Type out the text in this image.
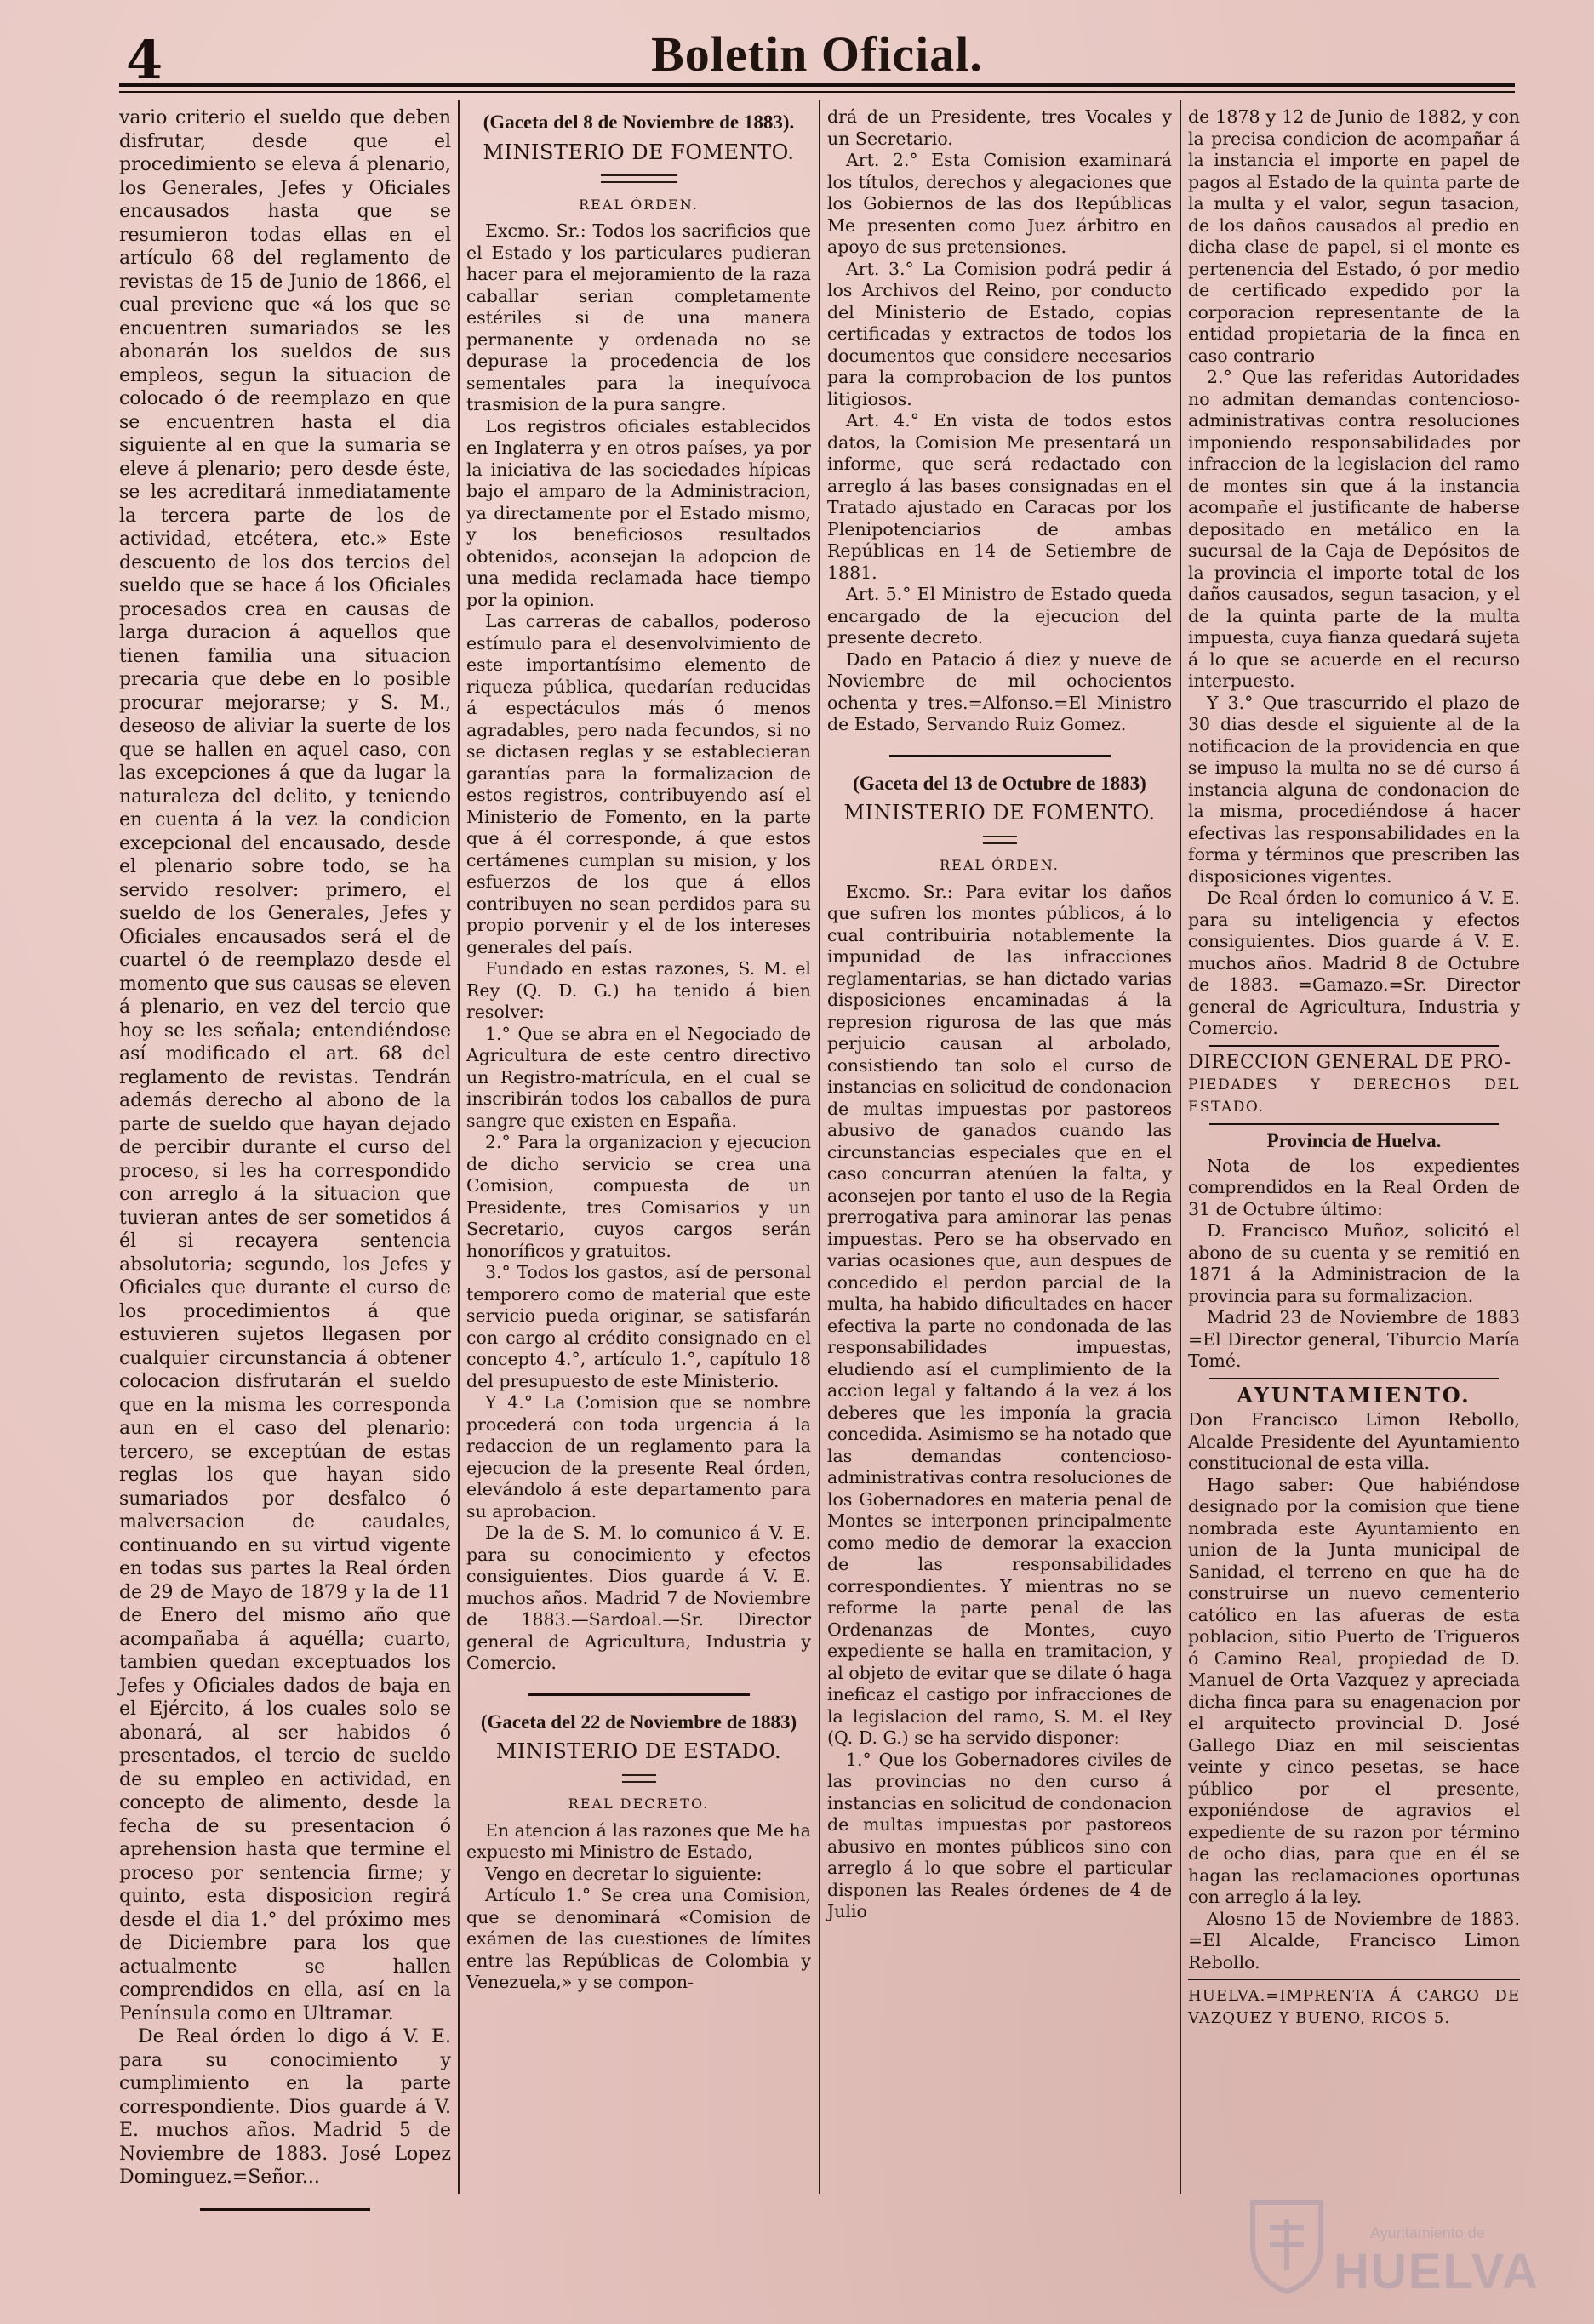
4	Boletin Oficial.

vario criterio el sueldo que deben disfrutar, desde que el procedimiento se eleva á plenario, los Generales, Jefes y Oficiales encausados hasta que se resumieron todas ellas en el artículo 68 del reglamento de revistas de 15 de Junio de 1866, el cual previene que «á los que se encuentren sumariados se les abonarán los sueldos de sus empleos, segun la situacion de colocado ó de reemplazo en que se encuentren hasta el dia siguiente al en que la sumaria se eleve á plenario; pero desde éste, se les acreditará inmediatamente la tercera parte de los de actividad, etcétera, etc.» Este descuento de los dos tercios del sueldo que se hace á los Oficiales procesados crea en causas de larga duracion á aquellos que tienen familia una situacion precaria que debe en lo posible procurar mejorarse; y S. M., deseoso de aliviar la suerte de los que se hallen en aquel caso, con las excepciones á que da lugar la naturaleza del delito, y teniendo en cuenta á la vez la condicion excepcional del encausado, desde el plenario sobre todo, se ha servido resolver: primero, el sueldo de los Generales, Jefes y Oficiales encausados será el de cuartel ó de reemplazo desde el momento que sus causas se eleven á plenario, en vez del tercio que hoy se les señala; entendiéndose así modificado el art. 68 del reglamento de revistas. Tendrán además derecho al abono de la parte de sueldo que hayan dejado de percibir durante el curso del proceso, si les ha correspondido con arreglo á la situacion que tuvieran antes de ser sometidos á él si recayera sentencia absolutoria; segundo, los Jefes y Oficiales que durante el curso de los procedimientos á que estuvieren sujetos llegasen por cualquier circunstancia á obtener colocacion disfrutarán el sueldo que en la misma les corresponda aun en el caso del plenario: tercero, se exceptúan de estas reglas los que hayan sido sumariados por desfalco ó malversacion de caudales, continuando en su virtud vigente en todas sus partes la Real órden de 29 de Mayo de 1879 y la de 11 de Enero del mismo año que acompañaba á aquélla; cuarto, tambien quedan exceptuados los Jefes y Oficiales dados de baja en el Ejército, á los cuales solo se abonará, al ser habidos ó presentados, el tercio de sueldo de su empleo en actividad, en concepto de alimento, desde la fecha de su presentacion ó aprehension hasta que termine el proceso por sentencia firme; y quinto, esta disposicion regirá desde el dia 1.° del próximo mes de Diciembre para los que actualmente se hallen comprendidos en ella, así en la Península como en Ultramar.

De Real órden lo digo á V. E. para su conocimiento y cumplimiento en la parte correspondiente. Dios guarde á V. E. muchos años. Madrid 5 de Noviembre de 1883. José Lopez Dominguez.=Señor...

(Gaceta del 8 de Noviembre de 1883).
MINISTERIO DE FOMENTO.
REAL ÓRDEN.

Excmo. Sr.: Todos los sacrificios que el Estado y los particulares pudieran hacer para el mejoramiento de la raza caballar serian completamente estériles si de una manera permanente y ordenada no se depurase la procedencia de los sementales para la inequívoca trasmision de la pura sangre.

Los registros oficiales establecidos en Inglaterra y en otros países, ya por la iniciativa de las sociedades hípicas bajo el amparo de la Administracion, ya directamente por el Estado mismo, y los beneficiosos resultados obtenidos, aconsejan la adopcion de una medida reclamada hace tiempo por la opinion.

Las carreras de caballos, poderoso estímulo para el desenvolvimiento de este importantísimo elemento de riqueza pública, quedarían reducidas á espectáculos más ó menos agradables, pero nada fecundos, si no se dictasen reglas y se establecieran garantías para la formalizacion de estos registros, contribuyendo así el Ministerio de Fomento, en la parte que á él corresponde, á que estos certámenes cumplan su mision, y los esfuerzos de los que á ellos contribuyen no sean perdidos para su propio porvenir y el de los intereses generales del país.

Fundado en estas razones, S. M. el Rey (Q. D. G.) ha tenido á bien resolver:

1.° Que se abra en el Negociado de Agricultura de este centro directivo un Registro-matrícula, en el cual se inscribirán todos los caballos de pura sangre que existen en España.

2.° Para la organizacion y ejecucion de dicho servicio se crea una Comision, compuesta de un Presidente, tres Comisarios y un Secretario, cuyos cargos serán honoríficos y gratuitos.

3.° Todos los gastos, así de personal temporero como de material que este servicio pueda originar, se satisfarán con cargo al crédito consignado en el concepto 4.°, artículo 1.°, capítulo 18 del presupuesto de este Ministerio.

Y 4.° La Comision que se nombre procederá con toda urgencia á la redaccion de un reglamento para la ejecucion de la presente Real órden, elevándolo á este departamento para su aprobacion.

De la de S. M. lo comunico á V. E. para su conocimiento y efectos consiguientes. Dios guarde á V. E. muchos años. Madrid 7 de Noviembre de 1883.—Sardoal.—Sr. Director general de Agricultura, Industria y Comercio.

(Gaceta del 22 de Noviembre de 1883)
MINISTERIO DE ESTADO.
REAL DECRETO.

En atencion á las razones que Me ha expuesto mi Ministro de Estado,

Vengo en decretar lo siguiente:

Artículo 1.° Se crea una Comision, que se denominará «Comision de exámen de las cuestiones de límites entre las Repúblicas de Colombia y Venezuela,» y se compon-

drá de un Presidente, tres Vocales y un Secretario.

Art. 2.° Esta Comision examinará los títulos, derechos y alegaciones que los Gobiernos de las dos Repúblicas Me presenten como Juez árbitro en apoyo de sus pretensiones.

Art. 3.° La Comision podrá pedir á los Archivos del Reino, por conducto del Ministerio de Estado, copias certificadas y extractos de todos los documentos que considere necesarios para la comprobacion de los puntos litigiosos.

Art. 4.° En vista de todos estos datos, la Comision Me presentará un informe, que será redactado con arreglo á las bases consignadas en el Tratado ajustado en Caracas por los Plenipotenciarios de ambas Repúblicas en 14 de Setiembre de 1881.

Art. 5.° El Ministro de Estado queda encargado de la ejecucion del presente decreto.

Dado en Patacio á diez y nueve de Noviembre de mil ochocientos ochenta y tres.=Alfonso.=El Ministro de Estado, Servando Ruiz Gomez.

(Gaceta del 13 de Octubre de 1883)
MINISTERIO DE FOMENTO.
REAL ÓRDEN.

Excmo. Sr.: Para evitar los daños que sufren los montes públicos, á lo cual contribuiria notablemente la impunidad de las infracciones reglamentarias, se han dictado varias disposiciones encaminadas á la represion rigurosa de las que más perjuicio causan al arbolado, consistiendo tan solo el curso de instancias en solicitud de condonacion de multas impuestas por pastoreos abusivo de ganados cuando las circunstancias especiales que en el caso concurran atenúen la falta, y aconsejen por tanto el uso de la Regia prerrogativa para aminorar las penas impuestas. Pero se ha observado en varias ocasiones que, aun despues de concedido el perdon parcial de la multa, ha habido dificultades en hacer efectiva la parte no condonada de las responsabilidades impuestas, eludiendo así el cumplimiento de la accion legal y faltando á la vez á los deberes que les imponía la gracia concedida. Asimismo se ha notado que las demandas contencioso-administrativas contra resoluciones de los Gobernadores en materia penal de Montes se interponen principalmente como medio de demorar la exaccion de las responsabilidades correspondientes. Y mientras no se reforme la parte penal de las Ordenanzas de Montes, cuyo expediente se halla en tramitacion, y al objeto de evitar que se dilate ó haga ineficaz el castigo por infracciones de la legislacion del ramo, S. M. el Rey (Q. D. G.) se ha servido disponer:

1.° Que los Gobernadores civiles de las provincias no den curso á instancias en solicitud de condonacion de multas impuestas por pastoreos abusivo en montes públicos sino con arreglo á lo que sobre el particular disponen las Reales órdenes de 4 de Julio

de 1878 y 12 de Junio de 1882, y con la precisa condicion de acompañar á la instancia el importe en papel de pagos al Estado de la quinta parte de la multa y el valor, segun tasacion, de los daños causados al predio en dicha clase de papel, si el monte es pertenencia del Estado, ó por medio de certificado expedido por la corporacion representante de la entidad propietaria de la finca en caso contrario

2.° Que las referidas Autoridades no admitan demandas contencioso-administrativas contra resoluciones imponiendo responsabilidades por infraccion de la legislacion del ramo de montes sin que á la instancia acompañe el justificante de haberse depositado en metálico en la sucursal de la Caja de Depósitos de la provincia el importe total de los daños causados, segun tasacion, y el de la quinta parte de la multa impuesta, cuya fianza quedará sujeta á lo que se acuerde en el recurso interpuesto.

Y 3.° Que trascurrido el plazo de 30 dias desde el siguiente al de la notificacion de la providencia en que se impuso la multa no se dé curso á instancia alguna de condonacion de la misma, procediéndose á hacer efectivas las responsabilidades en la forma y términos que prescriben las disposiciones vigentes.

De Real órden lo comunico á V. E. para su inteligencia y efectos consiguientes. Dios guarde á V. E. muchos años. Madrid 8 de Octubre de 1883. =Gamazo.=Sr. Director general de Agricultura, Industria y Comercio.

DIRECCION GENERAL DE PRO-
PIEDADES Y DERECHOS DEL ESTADO.
Provincia de Huelva.

Nota de los expedientes comprendidos en la Real Orden de 31 de Octubre último:

D. Francisco Muñoz, solicitó el abono de su cuenta y se remitió en 1871 á la Administracion de la provincia para su formalizacion.

Madrid 23 de Noviembre de 1883 =El Director general, Tiburcio María Tomé.

AYUNTAMIENTO.

Don Francisco Limon Rebollo, Alcalde Presidente del Ayuntamiento constitucional de esta villa.

Hago saber: Que habiéndose designado por la comision que tiene nombrada este Ayuntamiento en union de la Junta municipal de Sanidad, el terreno en que ha de construirse un nuevo cementerio católico en las afueras de esta poblacion, sitio Puerto de Trigueros ó Camino Real, propiedad de D. Manuel de Orta Vazquez y apreciada dicha finca para su enagenacion por el arquitecto provincial D. José Gallego Diaz en mil seiscientas veinte y cinco pesetas, se hace público por el presente, exponiéndose de agravios el expediente de su razon por término de ocho dias, para que en él se hagan las reclamaciones oportunas con arreglo á la ley.

Alosno 15 de Noviembre de 1883. =El Alcalde, Francisco Limon Rebollo.

HUELVA.=IMPRENTA Á CARGO DE VAZQUEZ Y BUENO, RICOS 5.
Ayuntamiento de
HUELVA
